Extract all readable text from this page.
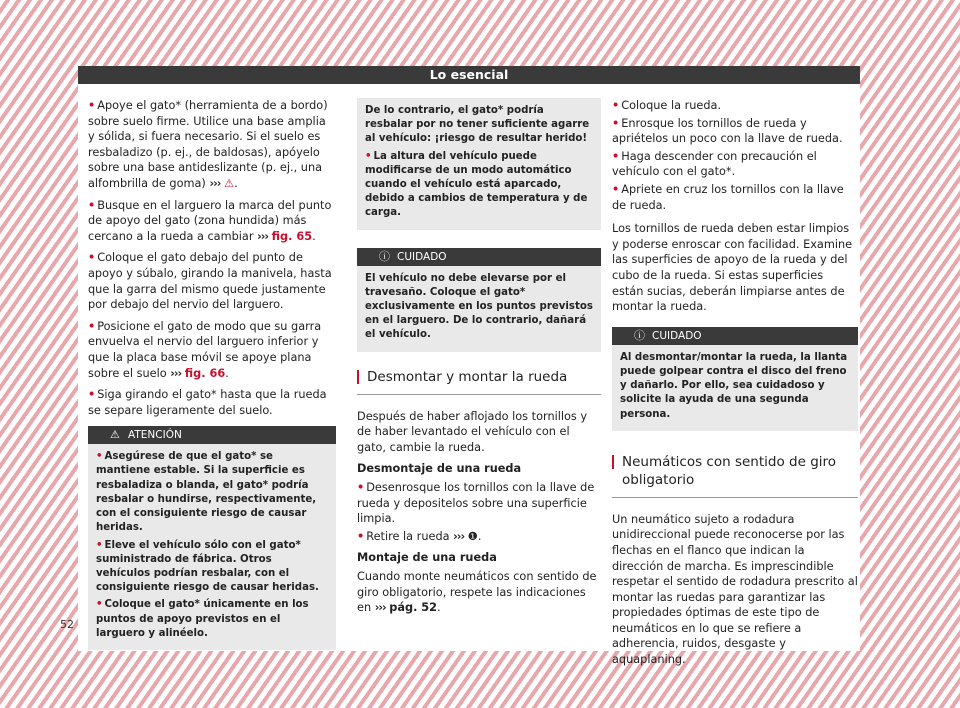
Lo esencial

• Apoye el gato* (herramienta de a bordo) sobre suelo firme. Utilice una base amplia y sólida, si fuera necesario. Si el suelo es resbaladizo (p. ej., de baldosas), apóyelo sobre una base antideslizante (p. ej., una alfombrilla de goma) ››› ⚠.

• Busque en el larguero la marca del punto de apoyo del gato (zona hundida) más cercano a la rueda a cambiar ››› fig. 65.

• Coloque el gato debajo del punto de apoyo y súbalo, girando la manivela, hasta que la garra del mismo quede justamente por debajo del nervio del larguero.

• Posicione el gato de modo que su garra envuelva el nervio del larguero inferior y que la placa base móvil se apoye plana sobre el suelo ››› fig. 66.

• Siga girando el gato* hasta que la rueda se separe ligeramente del suelo.

⚠ ATENCIÓN

• Asegúrese de que el gato* se mantiene estable. Si la superficie es resbaladiza o blanda, el gato* podría resbalar o hundirse, respectivamente, con el consiguiente riesgo de causar heridas.

• Eleve el vehículo sólo con el gato* suministrado de fábrica. Otros vehículos podrían resbalar, con el consiguiente riesgo de causar heridas.

• Coloque el gato* únicamente en los puntos de apoyo previstos en el larguero y alinéelo.

De lo contrario, el gato* podría resbalar por no tener suficiente agarre al vehículo: ¡riesgo de resultar herido!

• La altura del vehículo puede modificarse de un modo automático cuando el vehículo está aparcado, debido a cambios de temperatura y de carga.

ⓘ CUIDADO

El vehículo no debe elevarse por el travesaño. Coloque el gato* exclusivamente en los puntos previstos en el larguero. De lo contrario, dañará el vehículo.

Desmontar y montar la rueda

Después de haber aflojado los tornillos y de haber levantado el vehículo con el gato, cambie la rueda.

Desmontaje de una rueda

• Desenrosque los tornillos con la llave de rueda y depositelos sobre una superficie limpia.

• Retire la rueda ››› ❶.

Montaje de una rueda

Cuando monte neumáticos con sentido de giro obligatorio, respete las indicaciones en ››› pág. 52.

• Coloque la rueda.

• Enrosque los tornillos de rueda y apriételos un poco con la llave de rueda.

• Haga descender con precaución el vehículo con el gato*.

• Apriete en cruz los tornillos con la llave de rueda.

Los tornillos de rueda deben estar limpios y poderse enroscar con facilidad. Examine las superficies de apoyo de la rueda y del cubo de la rueda. Si estas superficies están sucias, deberán limpiarse antes de montar la rueda.

ⓘ CUIDADO

Al desmontar/montar la rueda, la llanta puede golpear contra el disco del freno y dañarlo. Por ello, sea cuidadoso y solicite la ayuda de una segunda persona.

Neumáticos con sentido de giro obligatorio

Un neumático sujeto a rodadura unidireccional puede reconocerse por las flechas en el flanco que indican la dirección de marcha. Es imprescindible respetar el sentido de rodadura prescrito al montar las ruedas para garantizar las propiedades óptimas de este tipo de neumáticos en lo que se refiere a adherencia, ruidos, desgaste y aquaplaning.

52
